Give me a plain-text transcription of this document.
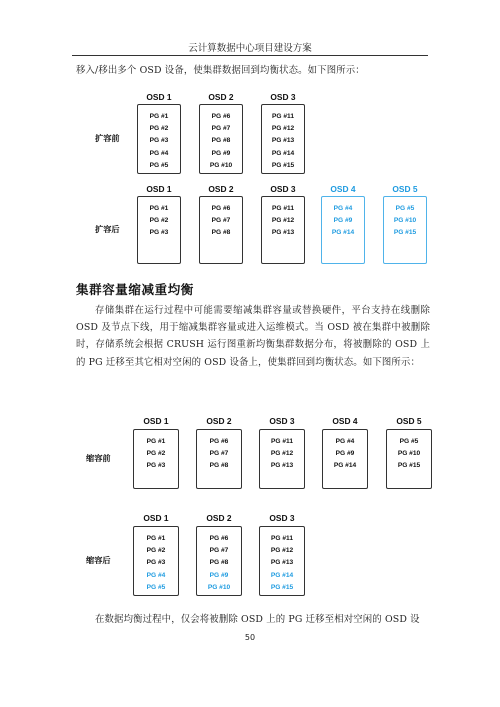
云计算数据中心项目建设方案

移入/移出多个 OSD 设备，使集群数据回到均衡状态。如下图所示：

扩容前
OSD 1
PG #1
PG #2
PG #3
PG #4
PG #5
OSD 2
PG #6
PG #7
PG #8
PG #9
PG #10
OSD 3
PG #11
PG #12
PG #13
PG #14
PG #15
扩容后
OSD 1
PG #1
PG #2
PG #3
OSD 2
PG #6
PG #7
PG #8
OSD 3
PG #11
PG #12
PG #13
OSD 4
PG #4
PG #9
PG #14
OSD 5
PG #5
PG #10
PG #15
集群容量缩减重均衡

存储集群在运行过程中可能需要缩减集群容量或替换硬件，平台支持在线删除 OSD 及节点下线，用于缩减集群容量或进入运维模式。当 OSD 被在集群中被删除时，存储系统会根据 CRUSH 运行图重新均衡集群数据分布，将被删除的 OSD 上的 PG 迁移至其它相对空闲的 OSD 设备上，使集群回到均衡状态。如下图所示：

缩容前
OSD 1
PG #1
PG #2
PG #3
OSD 2
PG #6
PG #7
PG #8
OSD 3
PG #11
PG #12
PG #13
OSD 4
PG #4
PG #9
PG #14
OSD 5
PG #5
PG #10
PG #15
缩容后
OSD 1
PG #1
PG #2
PG #3
PG #4
PG #5
OSD 2
PG #6
PG #7
PG #8
PG #9
PG #10
OSD 3
PG #11
PG #12
PG #13
PG #14
PG #15

在数据均衡过程中，仅会将被删除 OSD 上的 PG 迁移至相对空闲的 OSD 设

50
